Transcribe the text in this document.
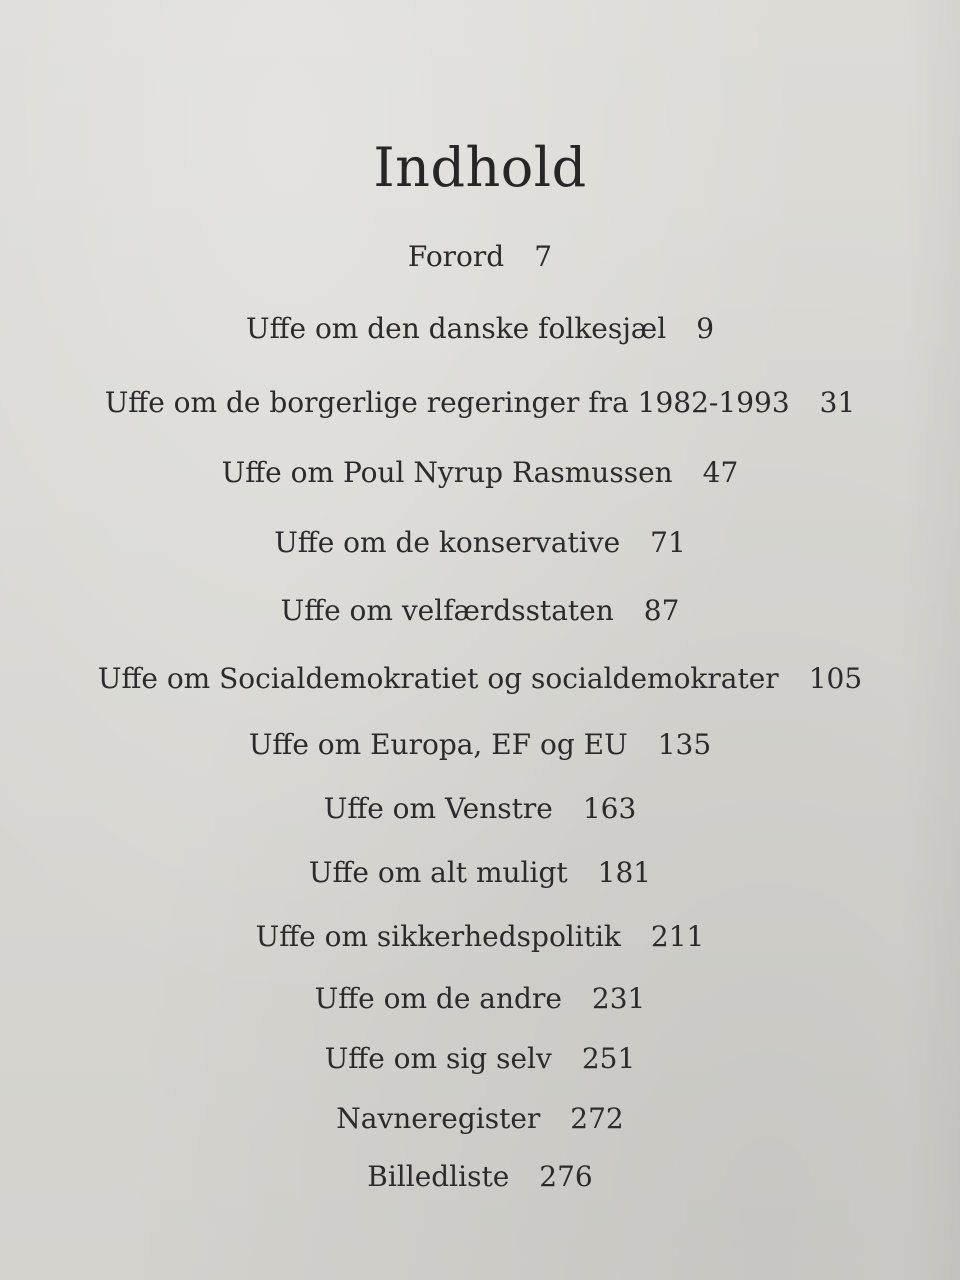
Indhold
Forord 7
Uffe om den danske folkesjæl 9
Uffe om de borgerlige regeringer fra 1982-1993 31
Uffe om Poul Nyrup Rasmussen 47
Uffe om de konservative 71
Uffe om velfærdsstaten 87
Uffe om Socialdemokratiet og socialdemokrater 105
Uffe om Europa, EF og EU 135
Uffe om Venstre 163
Uffe om alt muligt 181
Uffe om sikkerhedspolitik 211
Uffe om de andre 231
Uffe om sig selv 251
Navneregister 272
Billedliste 276
